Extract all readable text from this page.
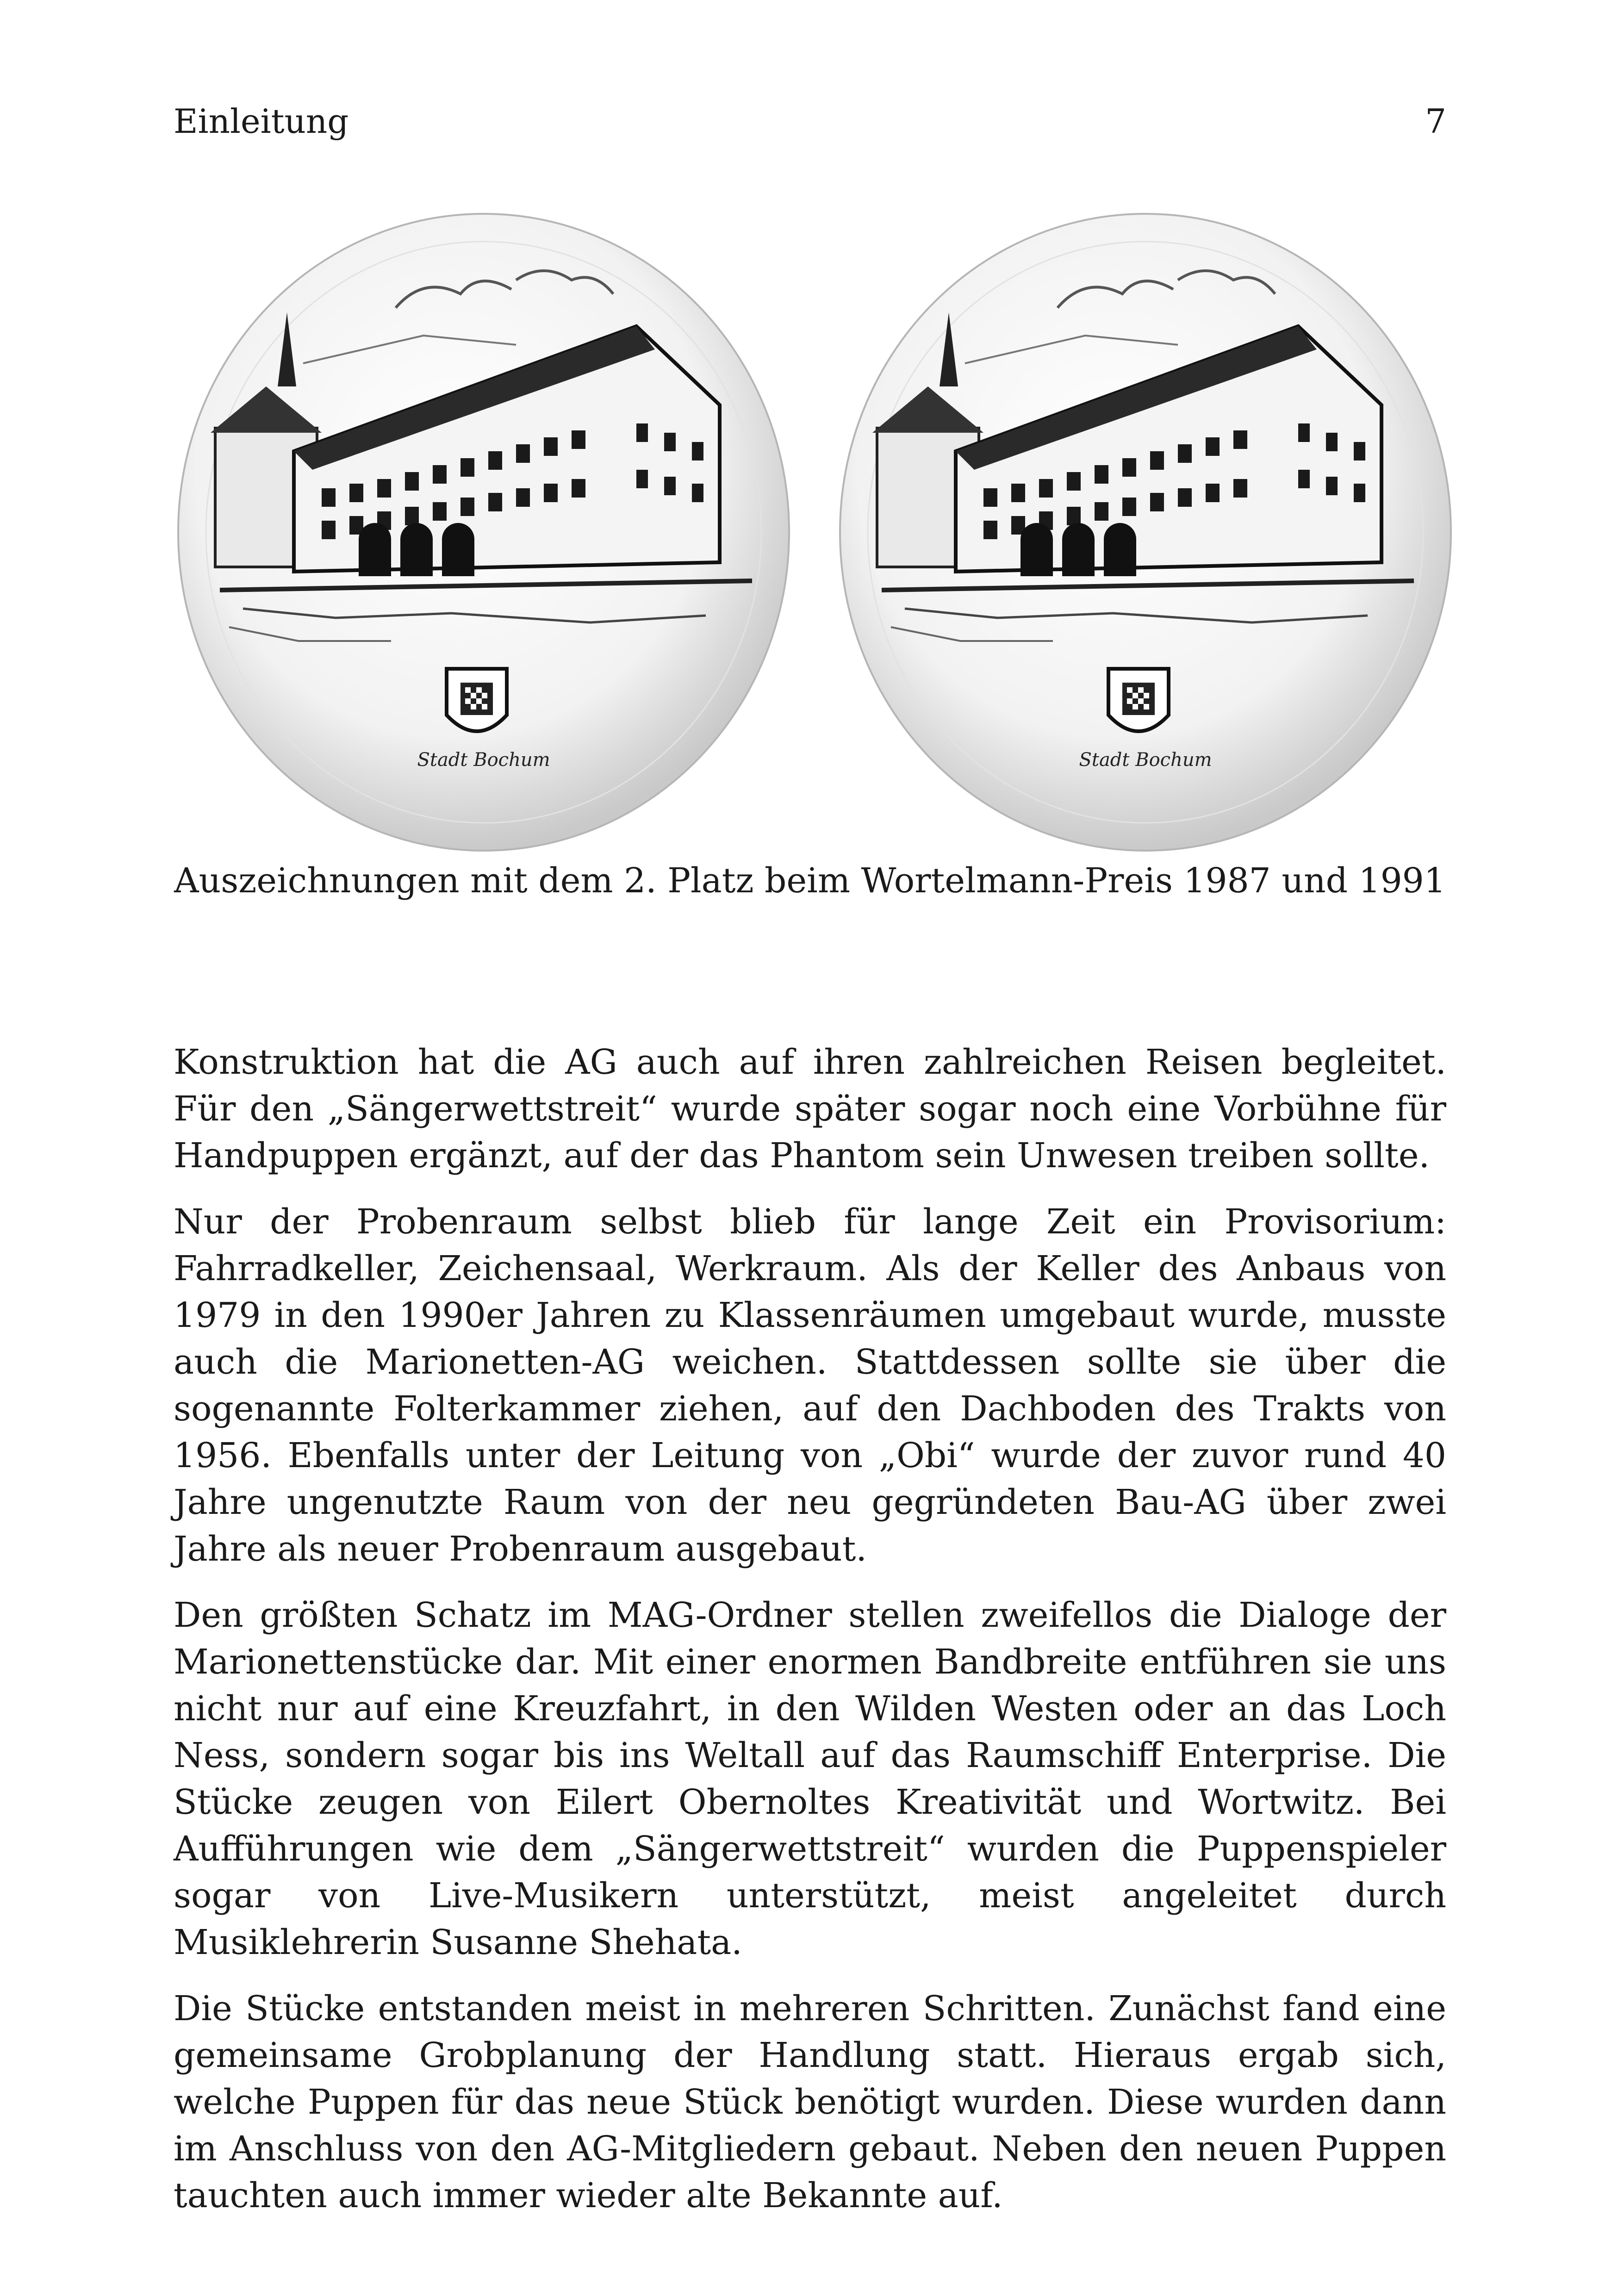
Einleitung	7
Stadt Bochum	Stadt Bochum
Auszeichnungen mit dem 2. Platz beim Wortelmann-Preis 1987 und 1991

Konstruktion hat die AG auch auf ihren zahlreichen Reisen begleitet. Für den „Sängerwettstreit“ wurde später sogar noch eine Vorbühne für Handpuppen ergänzt, auf der das Phantom sein Unwesen treiben sollte.

Nur der Probenraum selbst blieb für lange Zeit ein Provisorium: Fahrradkeller, Zeichensaal, Werkraum. Als der Keller des Anbaus von 1979 in den 1990er Jahren zu Klassenräumen umgebaut wurde, musste auch die Marionetten-AG weichen. Stattdessen sollte sie über die sogenannte Folterkammer ziehen, auf den Dachboden des Trakts von 1956. Ebenfalls unter der Leitung von „Obi“ wurde der zuvor rund 40 Jahre ungenutzte Raum von der neu gegründeten Bau-AG über zwei Jahre als neuer Probenraum ausgebaut.

Den größten Schatz im MAG-Ordner stellen zweifellos die Dialoge der Marionettenstücke dar. Mit einer enormen Bandbreite entführen sie uns nicht nur auf eine Kreuzfahrt, in den Wilden Westen oder an das Loch Ness, sondern sogar bis ins Weltall auf das Raumschiff Enterprise. Die Stücke zeugen von Eilert Obernoltes Kreativität und Wortwitz. Bei Aufführungen wie dem „Sängerwettstreit“ wurden die Puppenspieler sogar von Live-Musikern unterstützt, meist angeleitet durch Musiklehrerin Susanne Shehata.

Die Stücke entstanden meist in mehreren Schritten. Zunächst fand eine gemeinsame Grobplanung der Handlung statt. Hieraus ergab sich, welche Puppen für das neue Stück benötigt wurden. Diese wurden dann im Anschluss von den AG-Mitgliedern gebaut. Neben den neuen Puppen tauchten auch immer wieder alte Bekannte auf.
